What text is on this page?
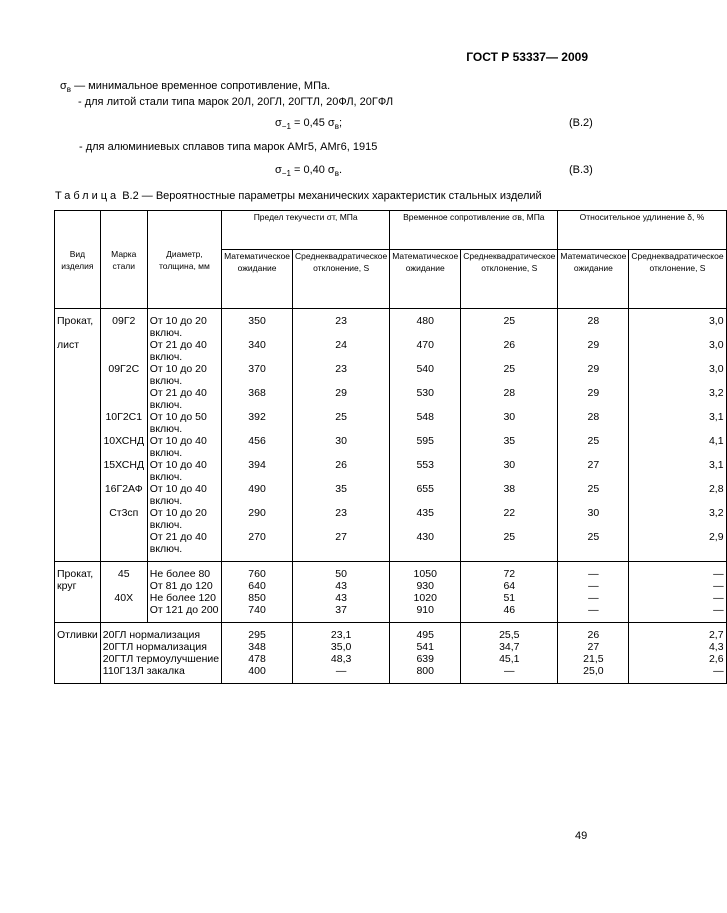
ГОСТ Р 53337— 2009
$\sigma_в$ — минимальное временное сопротивление, МПа.
- для литой стали типа марок 20Л, 20ГЛ, 20ГТЛ, 20ФЛ, 20ГФЛ
$\sigma_{-1} = 0,45$ $\sigma_в$;	(В.2)
- для алюминиевых сплавов типа марок АМг5, АМг6, 1915
$\sigma_{-1} = 0,40$ $\sigma_в$.	(В.3)
Таблица В.2 — Вероятностные параметры механических характеристик стальных изделий
Вид изделия	Марка стали	Диаметр, толщина, мм	Предел текучести σт, МПа		Временное сопротивление σв, МПа		Относительное удлинение δ, %	
			Математическое ожидание	Среднеквадратическое отклонение, S	Математическое ожидание	Среднеквадратическое отклонение, S	Математическое ожидание	Среднеквадратическое отклонение, S
Прокат,	09Г2	От 10 до 20 включ.	350	23	480	25	28	3,0
лист		От 21 до 40 включ.	340	24	470	26	29	3,0
	09Г2С	От 10 до 20 включ.	370	23	540	25	29	3,0
		От 21 до 40 включ.	368	29	530	28	29	3,2
	10Г2С1	От 10 до 50 включ.	392	25	548	30	28	3,1
	10ХСНД	От 10 до 40 включ.	456	30	595	35	25	4,1
	15ХСНД	От 10 до 40 включ.	394	26	553	30	27	3,1
	16Г2АФ	От 10 до 40 включ.	490	35	655	38	25	2,8
	Ст3сп	От 10 до 20 включ.	290	23	435	22	30	3,2
		От 21 до 40 включ.	270	27	430	25	25	2,9
Прокат,	45	Не более 80	760	50	1050	72	—	—
круг		От 81 до 120	640	43	930	64	—	—
	40Х	Не более 120	850	43	1020	51	—	—
		От 121 до 200	740	37	910	46	—	—
Отливки	20ГЛ нормализация		295	23,1	495	25,5	26	2,7
	20ГТЛ нормализация		348	35,0	541	34,7	27	4,3
	20ГТЛ термоулучшение		478	48,3	639	45,1	21,5	2,6
	110Г13Л закалка		400	—	800	—	25,0	—
49
